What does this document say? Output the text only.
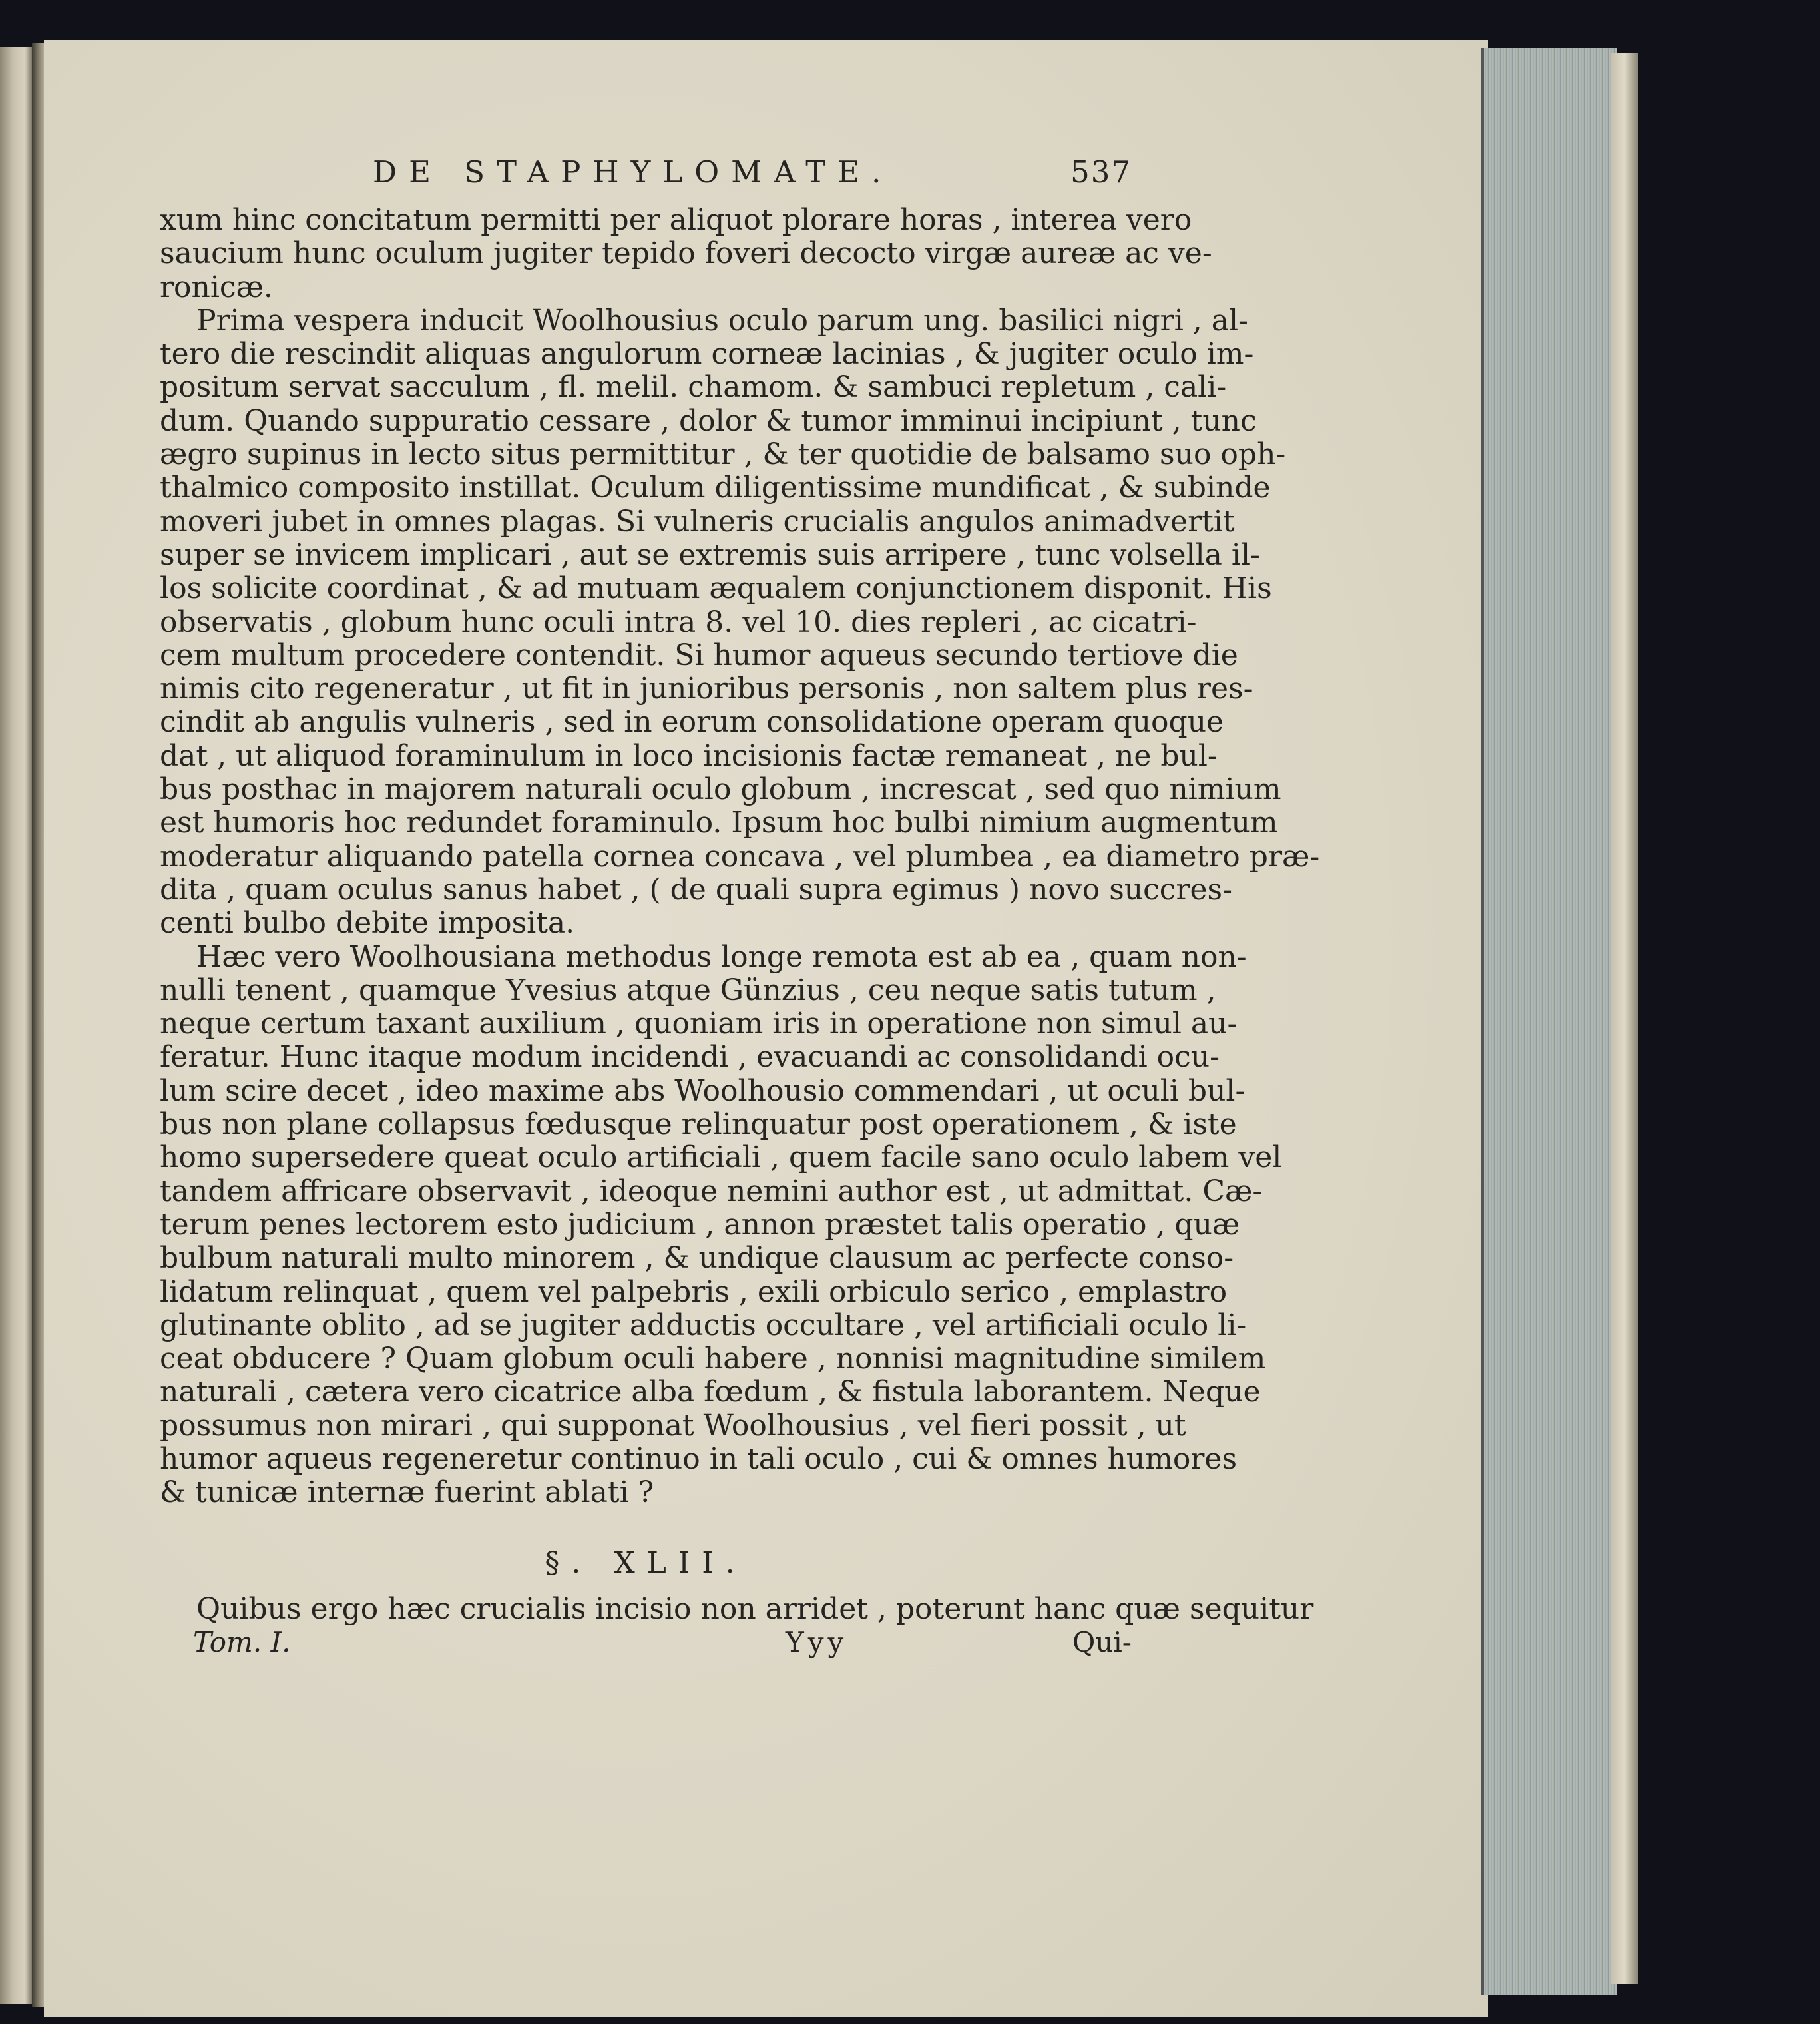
DE STAPHYLOMATE.	537
xum hinc concitatum permitti per aliquot plorare horas , interea vero
saucium hunc oculum jugiter tepido foveri decocto virgæ aureæ ac ve-
ronicæ.
Prima vespera inducit Woolhousius oculo parum ung. basilici nigri , al-
tero die rescindit aliquas angulorum corneæ lacinias , & jugiter oculo im-
positum servat sacculum , fl. melil. chamom. & sambuci repletum , cali-
dum. Quando suppuratio cessare , dolor & tumor imminui incipiunt , tunc
ægro supinus in lecto situs permittitur , & ter quotidie de balsamo suo oph-
thalmico composito instillat. Oculum diligentissime mundificat , & subinde
moveri jubet in omnes plagas. Si vulneris crucialis angulos animadvertit
super se invicem implicari , aut se extremis suis arripere , tunc volsella il-
los solicite coordinat , & ad mutuam æqualem conjunctionem disponit. His
observatis , globum hunc oculi intra 8. vel 10. dies repleri , ac cicatri-
cem multum procedere contendit. Si humor aqueus secundo tertiove die
nimis cito regeneratur , ut fit in junioribus personis , non saltem plus res-
cindit ab angulis vulneris , sed in eorum consolidatione operam quoque
dat , ut aliquod foraminulum in loco incisionis factæ remaneat , ne bul-
bus posthac in majorem naturali oculo globum , increscat , sed quo nimium
est humoris hoc redundet foraminulo. Ipsum hoc bulbi nimium augmentum
moderatur aliquando patella cornea concava , vel plumbea , ea diametro præ-
dita , quam oculus sanus habet , ( de quali supra egimus ) novo succres-
centi bulbo debite imposita.
Hæc vero Woolhousiana methodus longe remota est ab ea , quam non-
nulli tenent , quamque Yvesius atque Günzius , ceu neque satis tutum ,
neque certum taxant auxilium , quoniam iris in operatione non simul au-
feratur. Hunc itaque modum incidendi , evacuandi ac consolidandi ocu-
lum scire decet , ideo maxime abs Woolhousio commendari , ut oculi bul-
bus non plane collapsus fœdusque relinquatur post operationem , & iste
homo supersedere queat oculo artificiali , quem facile sano oculo labem vel
tandem affricare observavit , ideoque nemini author est , ut admittat. Cæ-
terum penes lectorem esto judicium , annon præstet talis operatio , quæ
bulbum naturali multo minorem , & undique clausum ac perfecte conso-
lidatum relinquat , quem vel palpebris , exili orbiculo serico , emplastro
glutinante oblito , ad se jugiter adductis occultare , vel artificiali oculo li-
ceat obducere ? Quam globum oculi habere , nonnisi magnitudine similem
naturali , cætera vero cicatrice alba fœdum , & fistula laborantem. Neque
possumus non mirari , qui supponat Woolhousius , vel fieri possit , ut
humor aqueus regeneretur continuo in tali oculo , cui & omnes humores
& tunicæ internæ fuerint ablati ?
§. XLII.
Quibus ergo hæc crucialis incisio non arridet , poterunt hanc quæ sequitur
Tom. I.	Yyy	Qui-
